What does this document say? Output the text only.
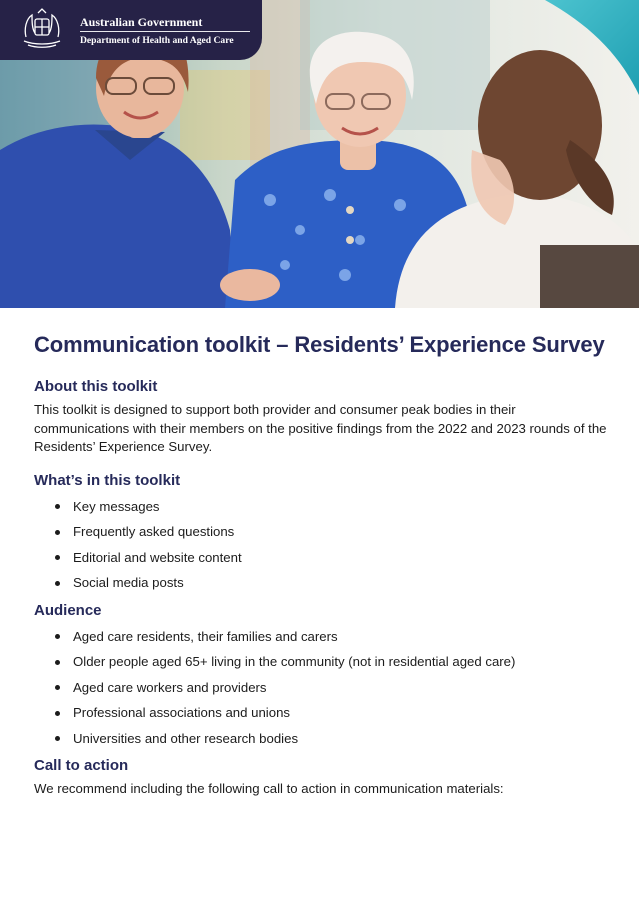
Australian Government
Department of Health and Aged Care
Communication toolkit – Residents’ Experience Survey
About this toolkit

This toolkit is designed to support both provider and consumer peak bodies in their communications with their members on the positive findings from the 2022 and 2023 rounds of the Residents’ Experience Survey.

What’s in this toolkit
Key messages
Frequently asked questions
Editorial and website content
Social media posts
Audience
Aged care residents, their families and carers
Older people aged 65+ living in the community (not in residential aged care)
Aged care workers and providers
Professional associations and unions
Universities and other research bodies
Call to action

We recommend including the following call to action in communication materials:
